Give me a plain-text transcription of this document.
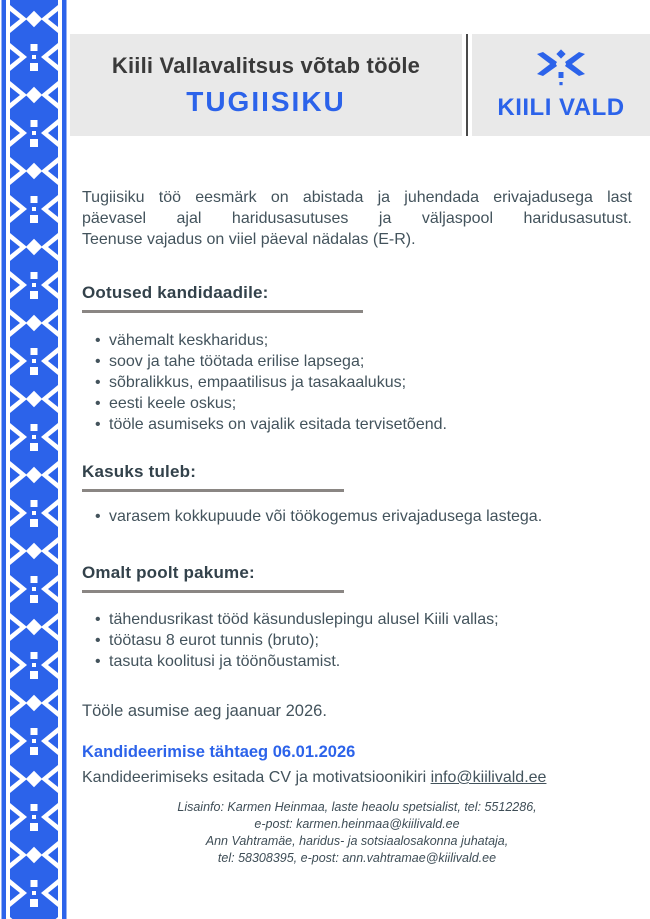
Kiili Vallavalitsus võtab tööle
TUGIISIKU	KIILI VALD
Tugiisiku töö eesmärk on abistada ja juhendada erivajadusega last
päevasel ajal haridusasutuses ja väljaspool haridusasutust.
Teenuse vajadus on viiel päeval nädalas (E-R).
Ootused kandidaadile:
• vähemalt keskharidus;
• soov ja tahe töötada erilise lapsega;
• sõbralikkus, empaatilisus ja tasakaalukus;
• eesti keele oskus;
• tööle asumiseks on vajalik esitada tervisetõend.
Kasuks tuleb:
• varasem kokkupuude või töökogemus erivajadusega lastega.
Omalt poolt pakume:
• tähendusrikast tööd käsunduslepingu alusel Kiili vallas;
• töötasu 8 eurot tunnis (bruto);
• tasuta koolitusi ja töönõustamist.
Tööle asumise aeg jaanuar 2026.
Kandideerimise tähtaeg 06.01.2026
Kandideerimiseks esitada CV ja motivatsioonikiri info@kiilivald.ee
Lisainfo: Karmen Heinmaa, laste heaolu spetsialist, tel: 5512286,
e-post: karmen.heinmaa@kiilivald.ee
Ann Vahtramäe, haridus- ja sotsiaalosakonna juhataja,
tel: 58308395, e-post: ann.vahtramae@kiilivald.ee
